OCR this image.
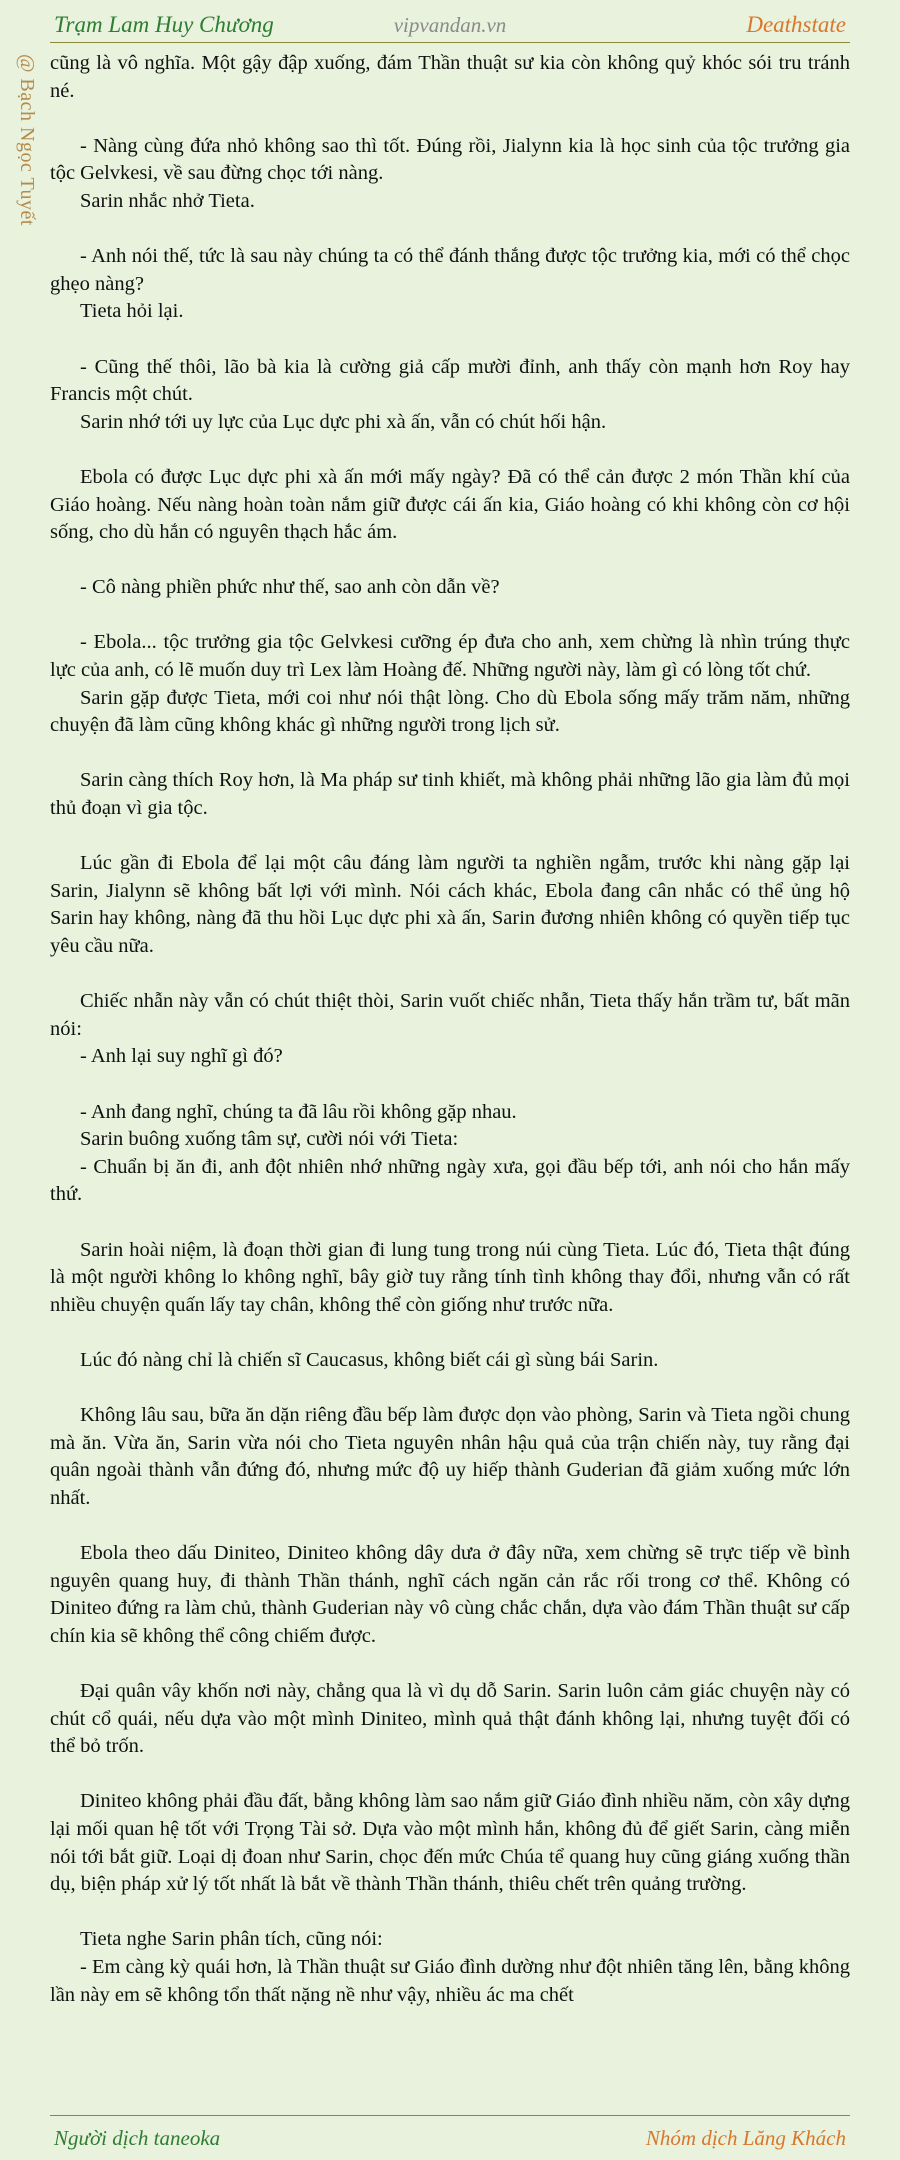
Trạm Lam Huy Chương	vipvandan.vn	Deathstate
@ Bạch Ngọc Tuyết cũng là vô nghĩa. Một gậy đập xuống, đám Thần thuật sư kia còn không quỷ khóc sói tru tránh né.

- Nàng cùng đứa nhỏ không sao thì tốt. Đúng rồi, Jialynn kia là học sinh của tộc trưởng gia tộc Gelvkesi, về sau đừng chọc tới nàng.

Sarin nhắc nhở Tieta.

- Anh nói thế, tức là sau này chúng ta có thể đánh thắng được tộc trưởng kia, mới có thể chọc ghẹo nàng?

Tieta hỏi lại.

- Cũng thế thôi, lão bà kia là cường giả cấp mười đỉnh, anh thấy còn mạnh hơn Roy hay Francis một chút.

Sarin nhớ tới uy lực của Lục dực phi xà ấn, vẫn có chút hối hận.

Ebola có được Lục dực phi xà ấn mới mấy ngày? Đã có thể cản được 2 món Thần khí của Giáo hoàng. Nếu nàng hoàn toàn nắm giữ được cái ấn kia, Giáo hoàng có khi không còn cơ hội sống, cho dù hắn có nguyên thạch hắc ám.

- Cô nàng phiền phức như thế, sao anh còn dẫn về?

- Ebola... tộc trưởng gia tộc Gelvkesi cưỡng ép đưa cho anh, xem chừng là nhìn trúng thực lực của anh, có lẽ muốn duy trì Lex làm Hoàng đế. Những người này, làm gì có lòng tốt chứ.

Sarin gặp được Tieta, mới coi như nói thật lòng. Cho dù Ebola sống mấy trăm năm, những chuyện đã làm cũng không khác gì những người trong lịch sử.

Sarin càng thích Roy hơn, là Ma pháp sư tinh khiết, mà không phải những lão gia làm đủ mọi thủ đoạn vì gia tộc.

Lúc gần đi Ebola để lại một câu đáng làm người ta nghiền ngẫm, trước khi nàng gặp lại Sarin, Jialynn sẽ không bất lợi với mình. Nói cách khác, Ebola đang cân nhắc có thể ủng hộ Sarin hay không, nàng đã thu hồi Lục dực phi xà ấn, Sarin đương nhiên không có quyền tiếp tục yêu cầu nữa.

Chiếc nhẫn này vẫn có chút thiệt thòi, Sarin vuốt chiếc nhẫn, Tieta thấy hắn trầm tư, bất mãn nói:

- Anh lại suy nghĩ gì đó?

- Anh đang nghĩ, chúng ta đã lâu rồi không gặp nhau.

Sarin buông xuống tâm sự, cười nói với Tieta:

- Chuẩn bị ăn đi, anh đột nhiên nhớ những ngày xưa, gọi đầu bếp tới, anh nói cho hắn mấy thứ.

Sarin hoài niệm, là đoạn thời gian đi lung tung trong núi cùng Tieta. Lúc đó, Tieta thật đúng là một người không lo không nghĩ, bây giờ tuy rằng tính tình không thay đổi, nhưng vẫn có rất nhiều chuyện quấn lấy tay chân, không thể còn giống như trước nữa.

Lúc đó nàng chỉ là chiến sĩ Caucasus, không biết cái gì sùng bái Sarin.

Không lâu sau, bữa ăn dặn riêng đầu bếp làm được dọn vào phòng, Sarin và Tieta ngồi chung mà ăn. Vừa ăn, Sarin vừa nói cho Tieta nguyên nhân hậu quả của trận chiến này, tuy rằng đại quân ngoài thành vẫn đứng đó, nhưng mức độ uy hiếp thành Guderian đã giảm xuống mức lớn nhất.

Ebola theo dấu Diniteo, Diniteo không dây dưa ở đây nữa, xem chừng sẽ trực tiếp về bình nguyên quang huy, đi thành Thần thánh, nghĩ cách ngăn cản rắc rối trong cơ thể. Không có Diniteo đứng ra làm chủ, thành Guderian này vô cùng chắc chắn, dựa vào đám Thần thuật sư cấp chín kia sẽ không thể công chiếm được.

Đại quân vây khốn nơi này, chẳng qua là vì dụ dỗ Sarin. Sarin luôn cảm giác chuyện này có chút cổ quái, nếu dựa vào một mình Diniteo, mình quả thật đánh không lại, nhưng tuyệt đối có thể bỏ trốn.

Diniteo không phải đầu đất, bằng không làm sao nắm giữ Giáo đình nhiều năm, còn xây dựng lại mối quan hệ tốt với Trọng Tài sở. Dựa vào một mình hắn, không đủ để giết Sarin, càng miễn nói tới bắt giữ. Loại dị đoan như Sarin, chọc đến mức Chúa tể quang huy cũng giáng xuống thần dụ, biện pháp xử lý tốt nhất là bắt về thành Thần thánh, thiêu chết trên quảng trường.

Tieta nghe Sarin phân tích, cũng nói:

- Em càng kỳ quái hơn, là Thần thuật sư Giáo đình dường như đột nhiên tăng lên, bằng không lần này em sẽ không tổn thất nặng nề như vậy, nhiều ác ma chết

Người dịch taneoka	Nhóm dịch Lăng Khách
